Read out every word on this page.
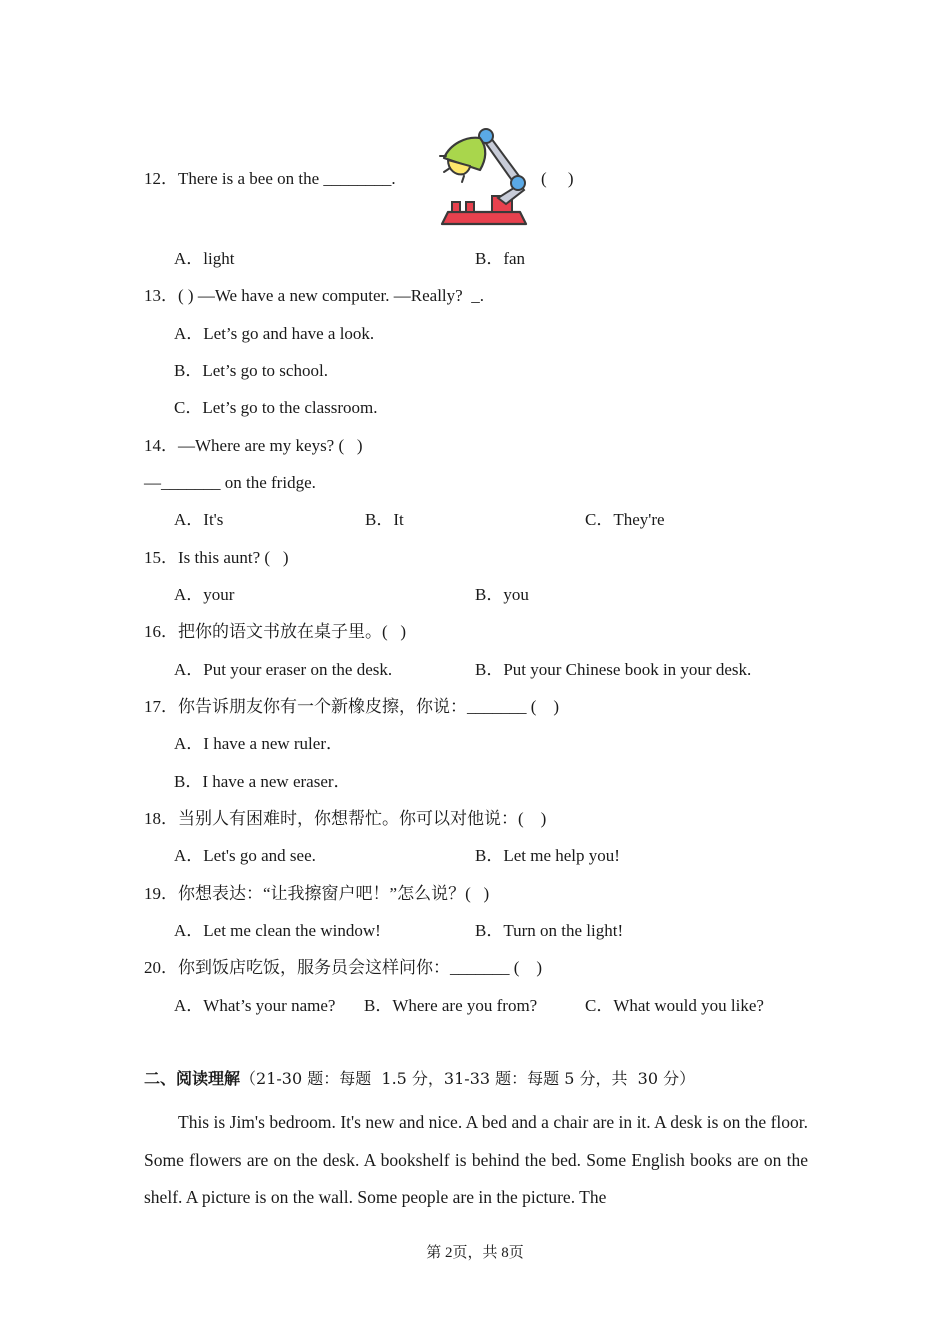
12．There is a bee on the ________.	(     )
A．light	B．fan
13．( ) —We have a new computer. —Really?  _.
A．Let’s go and have a look.
B．Let’s go to school.
C．Let’s go to the classroom.
14．—Where are my keys? (   )
—_______ on the fridge.
A．It's	B．It	C．They're
15．Is this aunt? (   )
A．your	B．you
16．把你的语文书放在桌子里。(   )
A．Put your eraser on the desk.	B．Put your Chinese book in your desk.
17．你告诉朋友你有一个新橡皮擦，你说：_______ (    )
A．I have a new ruler．
B．I have a new eraser．
18．当别人有困难时，你想帮忙。你可以对他说：(    )
A．Let's go and see.	B．Let me help you!
19．你想表达：“让我擦窗户吧！”怎么说？(   )
A．Let me clean the window!	B．Turn on the light!
20．你到饭店吃饭，服务员会这样问你：_______ (    )
A．What’s your name? B．Where are you from?	C．What would you like?
二、阅读理解（21-30 题：每题  1.5 分，31-33 题：每题 5 分，共  30 分）
This is Jim's bedroom. It's new and nice. A bed and a chair are in it. A desk is on the floor. Some flowers are on the desk. A bookshelf is behind the bed. Some English books are on the shelf. A picture is on the wall. Some people are in the picture. The
第 2页，共 8页
